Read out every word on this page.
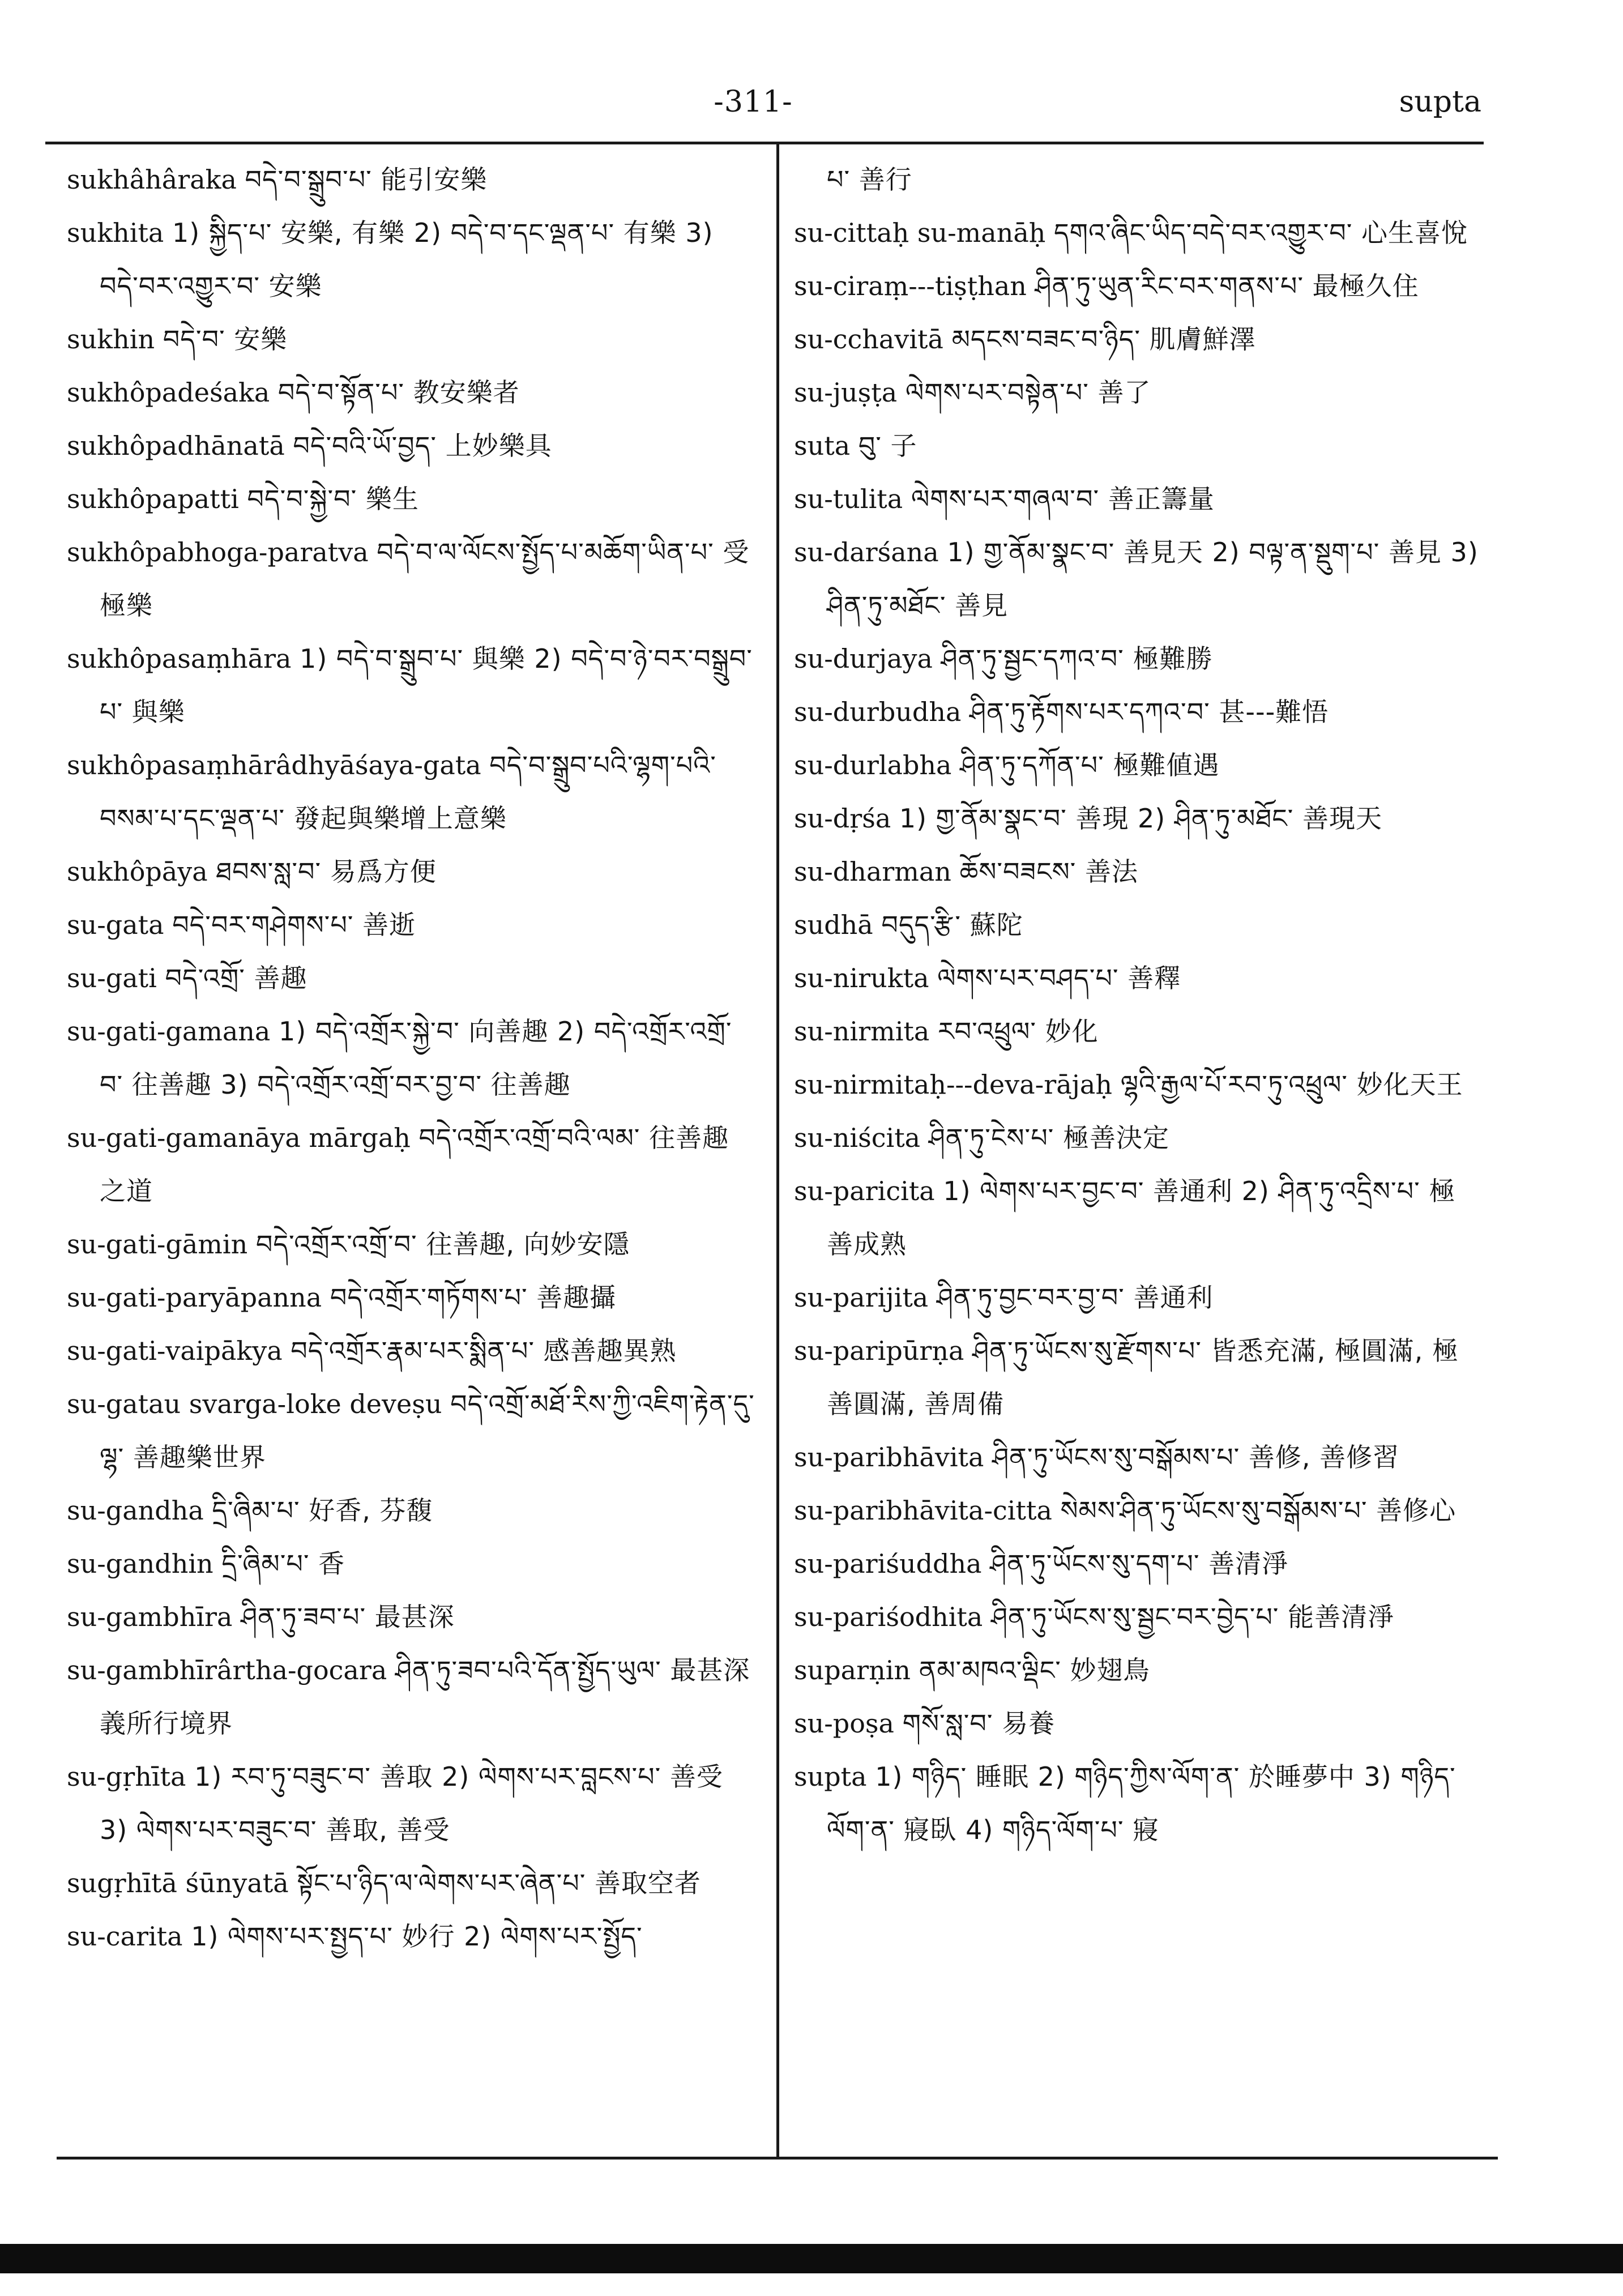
-311-	supta
sukhâhâraka བདེ་བ་སྒྲུབ་པ་ 能引安樂
sukhita 1) སྐྱིད་པ་ 安樂, 有樂 2) བདེ་བ་དང་ལྡན་པ་ 有樂 3) བདེ་བར་འགྱུར་བ་ 安樂
sukhin བདེ་བ་ 安樂
sukhôpadeśaka བདེ་བ་སྟོན་པ་ 教安樂者
sukhôpadhānatā བདེ་བའི་ཡོ་བྱད་ 上妙樂具
sukhôpapatti བདེ་བ་སྐྱེ་བ་ 樂生
sukhôpabhoga-paratva བདེ་བ་ལ་ལོངས་སྤྱོད་པ་མཆོག་ཡིན་པ་ 受極樂
sukhôpasaṃhāra 1) བདེ་བ་སྒྲུབ་པ་ 與樂 2) བདེ་བ་ཉེ་བར་བསྒྲུབ་པ་ 與樂
sukhôpasaṃhārâdhyāśaya-gata བདེ་བ་སྒྲུབ་པའི་ལྷག་པའི་བསམ་པ་དང་ལྡན་པ་ 發起與樂增上意樂
sukhôpāya ཐབས་སླ་བ་ 易爲方便
su-gata བདེ་བར་གཤེགས་པ་ 善逝
su-gati བདེ་འགྲོ་ 善趣
su-gati-gamana 1) བདེ་འགྲོར་སྐྱེ་བ་ 向善趣 2) བདེ་འགྲོར་འགྲོ་བ་ 往善趣 3) བདེ་འགྲོར་འགྲོ་བར་བྱ་བ་ 往善趣
su-gati-gamanāya mārgaḥ བདེ་འགྲོར་འགྲོ་བའི་ལམ་ 往善趣之道
su-gati-gāmin བདེ་འགྲོར་འགྲོ་བ་ 往善趣, 向妙安隱
su-gati-paryāpanna བདེ་འགྲོར་གཏོགས་པ་ 善趣攝
su-gati-vaipākya བདེ་འགྲོར་རྣམ་པར་སྨིན་པ་ 感善趣異熟
su-gatau svarga-loke deveṣu བདེ་འགྲོ་མཐོ་རིས་ཀྱི་འཇིག་རྟེན་དུ་ལྷ་ 善趣樂世界
su-gandha དྲི་ཞིམ་པ་ 好香, 芬馥
su-gandhin དྲི་ཞིམ་པ་ 香
su-gambhīra ཤིན་ཏུ་ཟབ་པ་ 最甚深
su-gambhīrârtha-gocara ཤིན་ཏུ་ཟབ་པའི་དོན་སྤྱོད་ཡུལ་ 最甚深義所行境界
su-gṛhīta 1) རབ་ཏུ་བཟུང་བ་ 善取 2) ལེགས་པར་བླངས་པ་ 善受 3) ལེགས་པར་བཟུང་བ་ 善取, 善受
sugṛhītā śūnyatā སྟོང་པ་ཉིད་ལ་ལེགས་པར་ཞེན་པ་ 善取空者
su-carita 1) ལེགས་པར་སྤྱད་པ་ 妙行 2) ལེགས་པར་སྤྱོད་
པ་ 善行
su-cittaḥ su-manāḥ དགའ་ཞིང་ཡིད་བདེ་བར་འགྱུར་བ་ 心生喜悅
su-ciraṃ---tiṣṭhan ཤིན་ཏུ་ཡུན་རིང་བར་གནས་པ་ 最極久住
su-cchavitā མདངས་བཟང་བ་ཉིད་ 肌膚鮮澤
su-juṣṭa ལེགས་པར་བསྟེན་པ་ 善了
suta བུ་ 子
su-tulita ལེགས་པར་གཞལ་བ་ 善正籌量
su-darśana 1) གྱ་ནོམ་སྣང་བ་ 善見天 2) བལྟ་ན་སྡུག་པ་ 善見 3) ཤིན་ཏུ་མཐོང་ 善見
su-durjaya ཤིན་ཏུ་སྦྱང་དཀའ་བ་ 極難勝
su-durbudha ཤིན་ཏུ་རྟོགས་པར་དཀའ་བ་ 甚---難悟
su-durlabha ཤིན་ཏུ་དཀོན་པ་ 極難値遇
su-dṛśa 1) གྱ་ནོམ་སྣང་བ་ 善現 2) ཤིན་ཏུ་མཐོང་ 善現天
su-dharman ཆོས་བཟངས་ 善法
sudhā བདུད་རྩི་ 蘇陀
su-nirukta ལེགས་པར་བཤད་པ་ 善釋
su-nirmita རབ་འཕྲུལ་ 妙化
su-nirmitaḥ---deva-rājaḥ ལྷའི་རྒྱལ་པོ་རབ་ཏུ་འཕྲུལ་ 妙化天王
su-niścita ཤིན་ཏུ་ངེས་པ་ 極善決定
su-paricita 1) ལེགས་པར་བྱང་བ་ 善通利 2) ཤིན་ཏུ་འདྲིས་པ་ 極善成熟
su-parijita ཤིན་ཏུ་བྱང་བར་བྱ་བ་ 善通利
su-paripūrṇa ཤིན་ཏུ་ཡོངས་སུ་རྫོགས་པ་ 皆悉充滿, 極圓滿, 極善圓滿, 善周備
su-paribhāvita ཤིན་ཏུ་ཡོངས་སུ་བསྒོམས་པ་ 善修, 善修習
su-paribhāvita-citta སེམས་ཤིན་ཏུ་ཡོངས་སུ་བསྒོམས་པ་ 善修心
su-pariśuddha ཤིན་ཏུ་ཡོངས་སུ་དག་པ་ 善清淨
su-pariśodhita ཤིན་ཏུ་ཡོངས་སུ་སྦྱང་བར་བྱེད་པ་ 能善清淨
suparṇin ནམ་མཁའ་ལྡིང་ 妙翅鳥
su-poṣa གསོ་སླ་བ་ 易養
supta 1) གཉིད་ 睡眠 2) གཉིད་ཀྱིས་ལོག་ན་ 於睡夢中 3) གཉིད་ལོག་ན་ 寢臥 4) གཉིད་ལོག་པ་ 寢
